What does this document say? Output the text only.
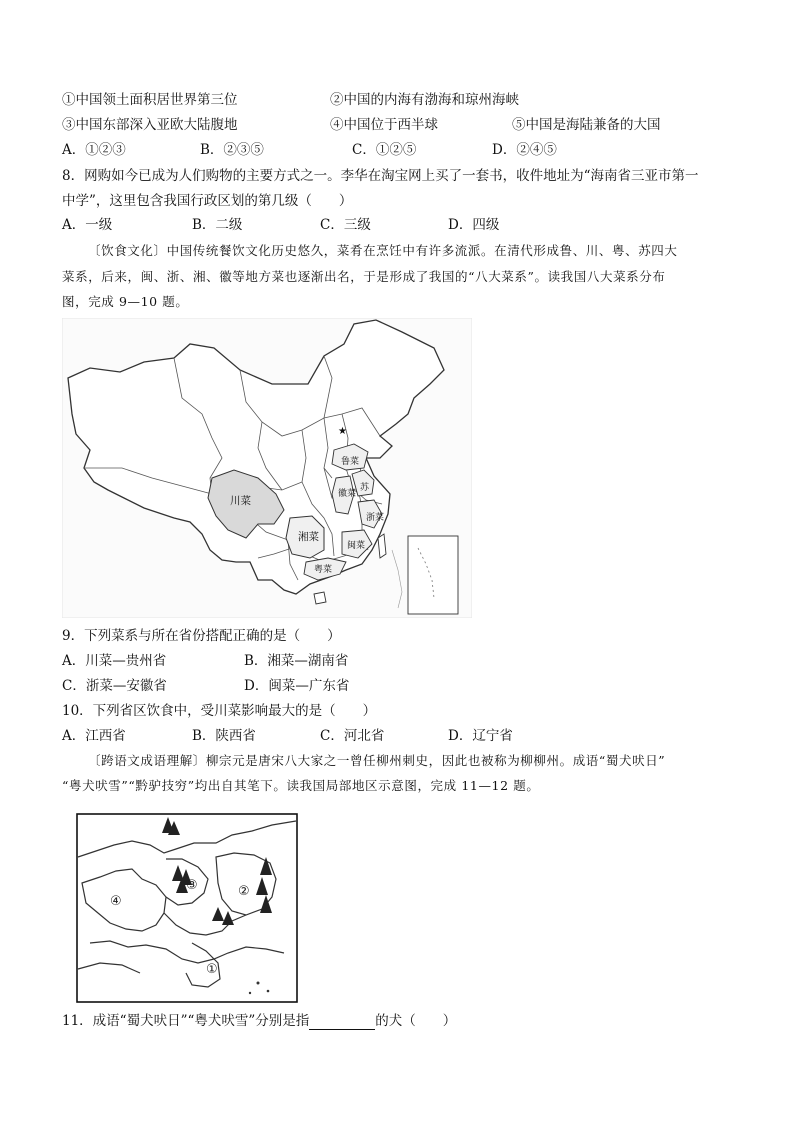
①中国领土面积居世界第三位	②中国的内海有渤海和琼州海峡
③中国东部深入亚欧大陆腹地	④中国位于西半球	⑤中国是海陆兼备的大国
A．①②③	B．②③⑤	C．①②⑤	D．②④⑤
8．网购如今已成为人们购物的主要方式之一。李华在淘宝网上买了一套书，收件地址为“海南省三亚市第一
中学”，这里包含我国行政区划的第几级（　　）
A．一级	B．二级	C．三级	D．四级
〔饮食文化〕中国传统餐饮文化历史悠久，菜肴在烹饪中有许多流派。在清代形成鲁、川、粤、苏四大
菜系，后来，闽、浙、湘、徽等地方菜也逐渐出名，于是形成了我国的“八大菜系”。读我国八大菜系分布
图，完成 9—10 题。
★
川菜
湘菜
鲁菜
苏
徽菜
浙菜
闽菜
粤菜
9．下列菜系与所在省份搭配正确的是（　　）
A．川菜—贵州省	B．湘菜—湖南省
C．浙菜—安徽省	D．闽菜—广东省
10．下列省区饮食中，受川菜影响最大的是（　　）
A．江西省	B．陕西省	C．河北省	D．辽宁省
〔跨语文成语理解〕柳宗元是唐宋八大家之一曾任柳州刺史，因此也被称为柳柳州。成语“蜀犬吠日”
“粤犬吠雪”“黔驴技穷”均出自其笔下。读我国局部地区示意图，完成 11—12 题。
④
②
③
①
11．成语“蜀犬吠日”“粤犬吠雪”分别是指	的犬（　　）
